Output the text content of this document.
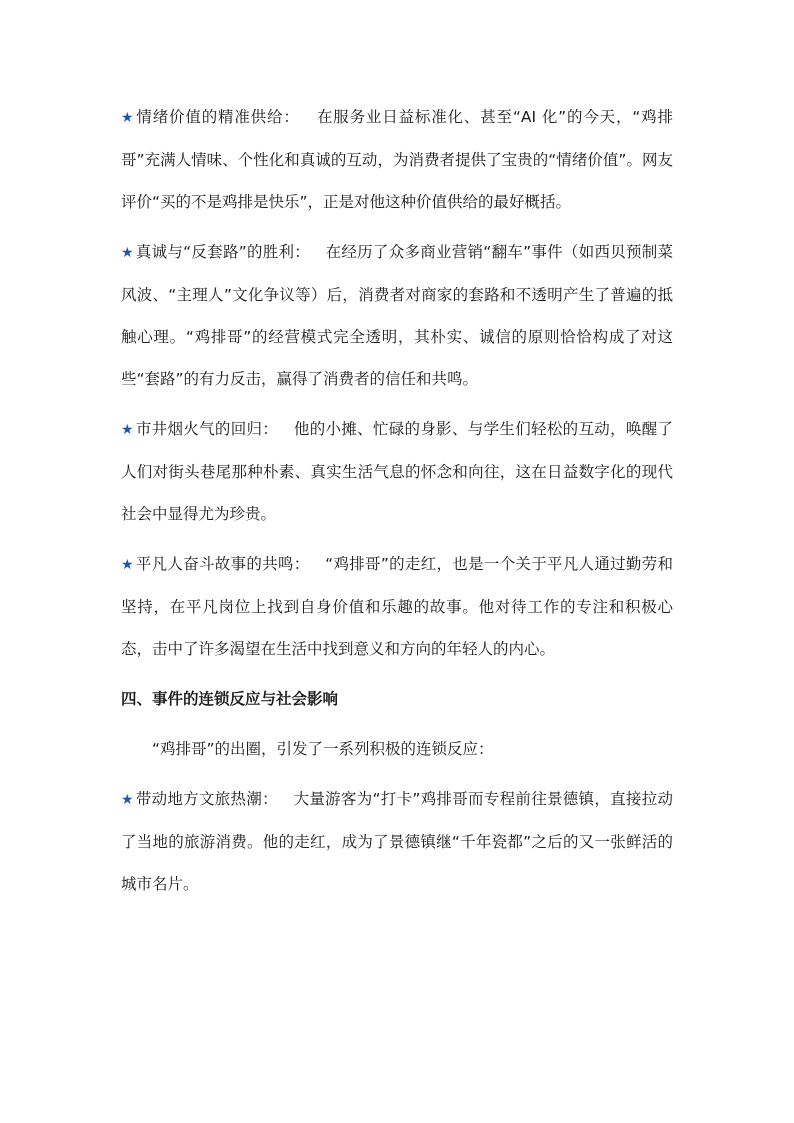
★ 情绪价值的精准供给： 在服务业日益标准化、甚至“AI 化”的今天，“鸡排哥”充满人情味、个性化和真诚的互动，为消费者提供了宝贵的“情绪价值”。网友评价“买的不是鸡排是快乐”，正是对他这种价值供给的最好概括。

★ 真诚与“反套路”的胜利： 在经历了众多商业营销“翻车”事件（如西贝预制菜风波、“主理人”文化争议等）后，消费者对商家的套路和不透明产生了普遍的抵触心理。“鸡排哥”的经营模式完全透明，其朴实、诚信的原则恰恰构成了对这些“套路”的有力反击，赢得了消费者的信任和共鸣。

★ 市井烟火气的回归： 他的小摊、忙碌的身影、与学生们轻松的互动，唤醒了人们对街头巷尾那种朴素、真实生活气息的怀念和向往，这在日益数字化的现代社会中显得尤为珍贵。

★ 平凡人奋斗故事的共鸣： “鸡排哥”的走红，也是一个关于平凡人通过勤劳和坚持，在平凡岗位上找到自身价值和乐趣的故事。他对待工作的专注和积极心态，击中了许多渴望在生活中找到意义和方向的年轻人的内心。

四、事件的连锁反应与社会影响

“鸡排哥”的出圈，引发了一系列积极的连锁反应：

★ 带动地方文旅热潮： 大量游客为“打卡”鸡排哥而专程前往景德镇，直接拉动了当地的旅游消费。他的走红，成为了景德镇继“千年瓷都”之后的又一张鲜活的城市名片。
